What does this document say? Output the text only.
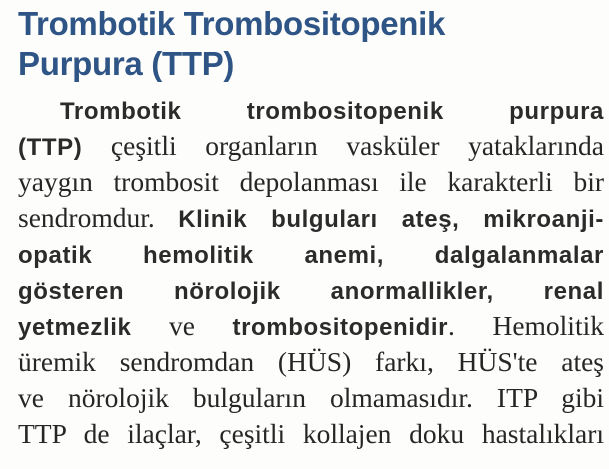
Trombotik Trombositopenik
Purpura (TTP)
Trombotik trombositopenik purpura
(TTP) çeşitli organların vasküler yataklarında
yaygın trombosit depolanması ile karakterli bir
sendromdur. Klinik bulguları ateş, mikroanji-
opatik hemolitik anemi, dalgalanmalar
gösteren nörolojik anormallikler, renal
yetmezlik ve trombositopenidir. Hemolitik
üremik sendromdan (HÜS) farkı, HÜS'te ateş
ve nörolojik bulguların olmamasıdır. ITP gibi
TTP de ilaçlar, çeşitli kollajen doku hastalıkları
